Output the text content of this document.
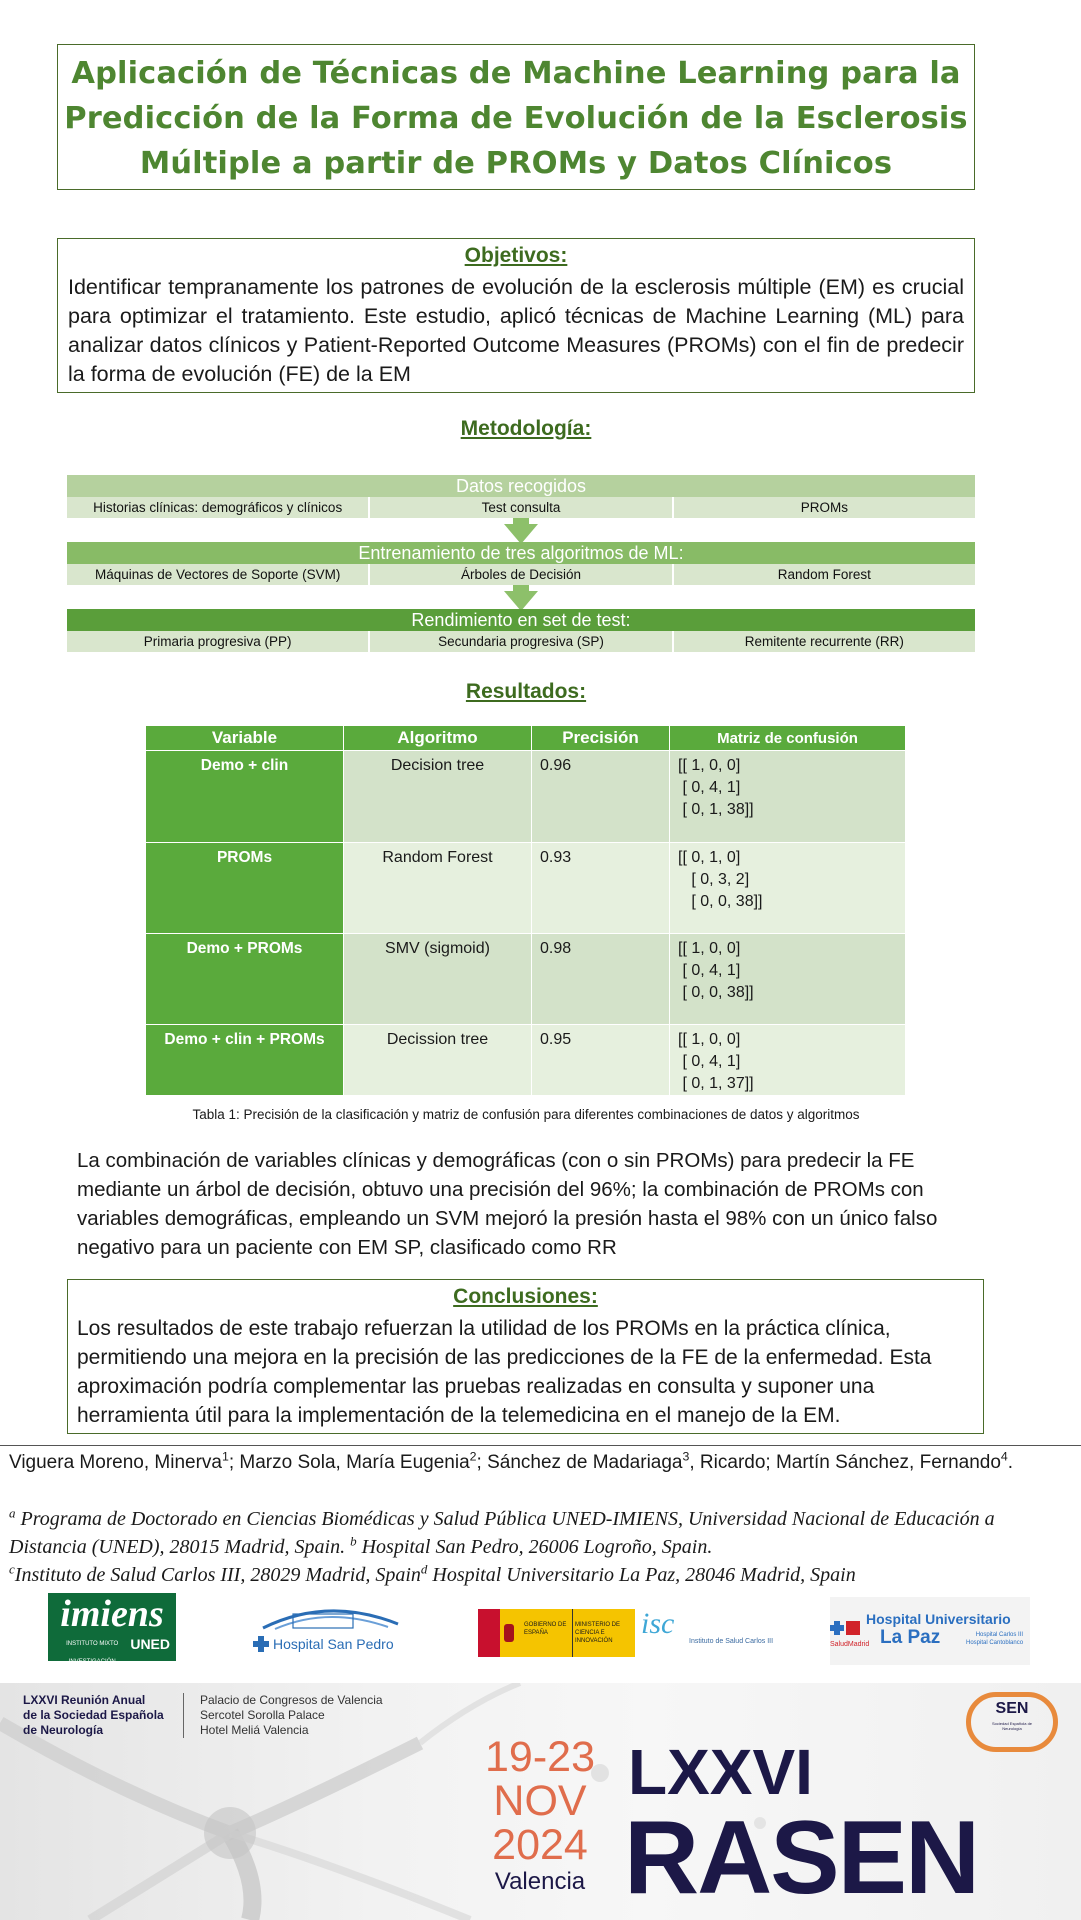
Aplicación de Técnicas de Machine Learning para la
Predicción de la Forma de Evolución de la Esclerosis
Múltiple a partir de PROMs y Datos Clínicos
Objetivos:
Identificar tempranamente los patrones de evolución de la esclerosis múltiple (EM) es crucial para optimizar el tratamiento. Este estudio, aplicó técnicas de Machine Learning (ML) para analizar datos clínicos y Patient-Reported Outcome Measures (PROMs) con el fin de predecir la forma de evolución (FE) de la EM
Metodología:
Datos recogidos
Historias clínicas: demográficos y clínicos	Test consulta	PROMs
Entrenamiento de tres algoritmos de ML:
Máquinas de Vectores de Soporte (SVM)	Árboles de Decisión	Random Forest
Rendimiento en set de test:
Primaria progresiva (PP)	Secundaria progresiva (SP)	Remitente recurrente (RR)
Resultados:
Variable	Algoritmo	Precisión	Matriz de confusión
Demo + clin	Decision tree	0.96	[[ 1, 0, 0]
[ 0, 4, 1]
[ 0, 1, 38]]
PROMs	Random Forest	0.93	[[ 0, 1, 0]
[ 0, 3, 2]
[ 0, 0, 38]]
Demo + PROMs	SMV (sigmoid)	0.98	[[ 1, 0, 0]
[ 0, 4, 1]
[ 0, 0, 38]]
Demo + clin + PROMs	Decission tree	0.95	[[ 1, 0, 0]
[ 0, 4, 1]
[ 0, 1, 37]]
Tabla 1: Precisión de la clasificación y matriz de confusión para diferentes combinaciones de datos y algoritmos
La combinación de variables clínicas y demográficas (con o sin PROMs) para predecir la FE mediante un árbol de decisión, obtuvo una precisión del 96%; la combinación de PROMs con variables demográficas, empleando un SVM mejoró la presión hasta el 98% con un único falso negativo para un paciente con EM SP, clasificado como RR
Conclusiones:
Los resultados de este trabajo refuerzan la utilidad de los PROMs en la práctica clínica, permitiendo una mejora en la precisión de las predicciones de la FE de la enfermedad. Esta aproximación podría complementar las pruebas realizadas en consulta y suponer una herramienta útil para la implementación de la telemedicina en el manejo de la EM.
Viguera Moreno, Minerva$^1$; Marzo Sola, María Eugenia$^2$; Sánchez de Madariaga$^3$, Ricardo; Martín Sánchez, Fernando$^4$.
$^a$ Programa de Doctorado en Ciencias Biomédicas y Salud Pública UNED-IMIENS, Universidad Nacional de Educación a Distancia (UNED), 28015 Madrid, Spain. $^b$ Hospital San Pedro, 26006 Logroño, Spain.
$^c$Instituto de Salud Carlos III, 28029 Madrid, Spain$^d$ Hospital Universitario La Paz, 28046 Madrid, Spain
imiens
INSTITUTO MIXTO INVESTIGACIÓN
UNED	Hospital San Pedro
GOBIERNO DE ESPAÑA
MINISTERIO DE CIENCIA E INNOVACIÓN
isc
Instituto de Salud Carlos III
Hospital Universitario
La Paz
SaludMadrid
Hospital Carlos III
Hospital Cantoblanco
LXXVI Reunión Anual
de la Sociedad Española
de Neurología
Palacio de Congresos de Valencia
Sercotel Sorolla Palace
Hotel Meliá Valencia
19-23
NOV
2024
Valencia
LXXVI
RASEN
SEN
Sociedad Española de Neurología
